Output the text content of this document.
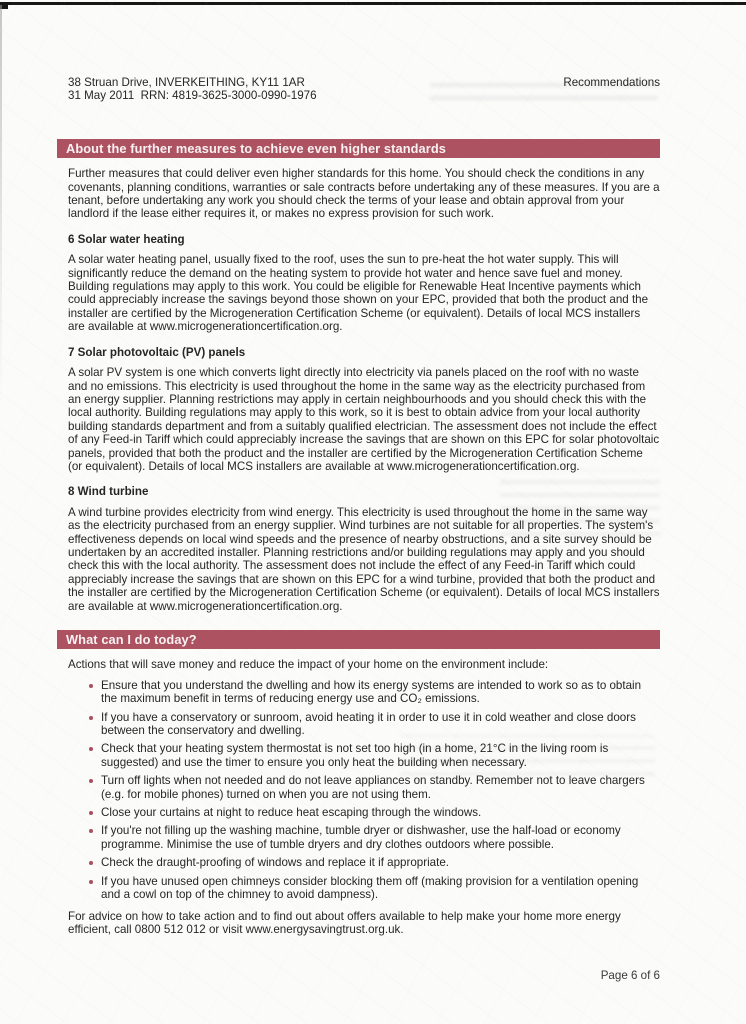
38 Struan Drive, INVERKEITHING, KY11 1AR
31 May 2011  RRN: 4819-3625-3000-0990-1976
Recommendations
About the further measures to achieve even higher standards

Further measures that could deliver even higher standards for this home. You should check the conditions in any covenants, planning conditions, warranties or sale contracts before undertaking any of these measures. If you are a tenant, before undertaking any work you should check the terms of your lease and obtain approval from your landlord if the lease either requires it, or makes no express provision for such work.

6 Solar water heating

A solar water heating panel, usually fixed to the roof, uses the sun to pre-heat the hot water supply. This will significantly reduce the demand on the heating system to provide hot water and hence save fuel and money. Building regulations may apply to this work. You could be eligible for Renewable Heat Incentive payments which could appreciably increase the savings beyond those shown on your EPC, provided that both the product and the installer are certified by the Microgeneration Certification Scheme (or equivalent). Details of local MCS installers are available at www.microgenerationcertification.org.

7 Solar photovoltaic (PV) panels

A solar PV system is one which converts light directly into electricity via panels placed on the roof with no waste and no emissions. This electricity is used throughout the home in the same way as the electricity purchased from an energy supplier. Planning restrictions may apply in certain neighbourhoods and you should check this with the local authority. Building regulations may apply to this work, so it is best to obtain advice from your local authority building standards department and from a suitably qualified electrician. The assessment does not include the effect of any Feed-in Tariff which could appreciably increase the savings that are shown on this EPC for solar photovoltaic panels, provided that both the product and the installer are certified by the Microgeneration Certification Scheme (or equivalent). Details of local MCS installers are available at www.microgenerationcertification.org.

8 Wind turbine

A wind turbine provides electricity from wind energy. This electricity is used throughout the home in the same way as the electricity purchased from an energy supplier. Wind turbines are not suitable for all properties. The system's effectiveness depends on local wind speeds and the presence of nearby obstructions, and a site survey should be undertaken by an accredited installer. Planning restrictions and/or building regulations may apply and you should check this with the local authority. The assessment does not include the effect of any Feed-in Tariff which could appreciably increase the savings that are shown on this EPC for a wind turbine, provided that both the product and the installer are certified by the Microgeneration Certification Scheme (or equivalent). Details of local MCS installers are available at www.microgenerationcertification.org.

What can I do today?

Actions that will save money and reduce the impact of your home on the environment include:

Ensure that you understand the dwelling and how its energy systems are intended to work so as to obtain the maximum benefit in terms of reducing energy use and CO₂ emissions.
If you have a conservatory or sunroom, avoid heating it in order to use it in cold weather and close doors between the conservatory and dwelling.
Check that your heating system thermostat is not set too high (in a home, 21°C in the living room is suggested) and use the timer to ensure you only heat the building when necessary.
Turn off lights when not needed and do not leave appliances on standby. Remember not to leave chargers (e.g. for mobile phones) turned on when you are not using them.
Close your curtains at night to reduce heat escaping through the windows.
If you're not filling up the washing machine, tumble dryer or dishwasher, use the half-load or economy programme. Minimise the use of tumble dryers and dry clothes outdoors where possible.
Check the draught-proofing of windows and replace it if appropriate.
If you have unused open chimneys consider blocking them off (making provision for a ventilation opening and a cowl on top of the chimney to avoid dampness).

For advice on how to take action and to find out about offers available to help make your home more energy efficient, call 0800 512 012 or visit www.energysavingtrust.org.uk.

Page 6 of 6
